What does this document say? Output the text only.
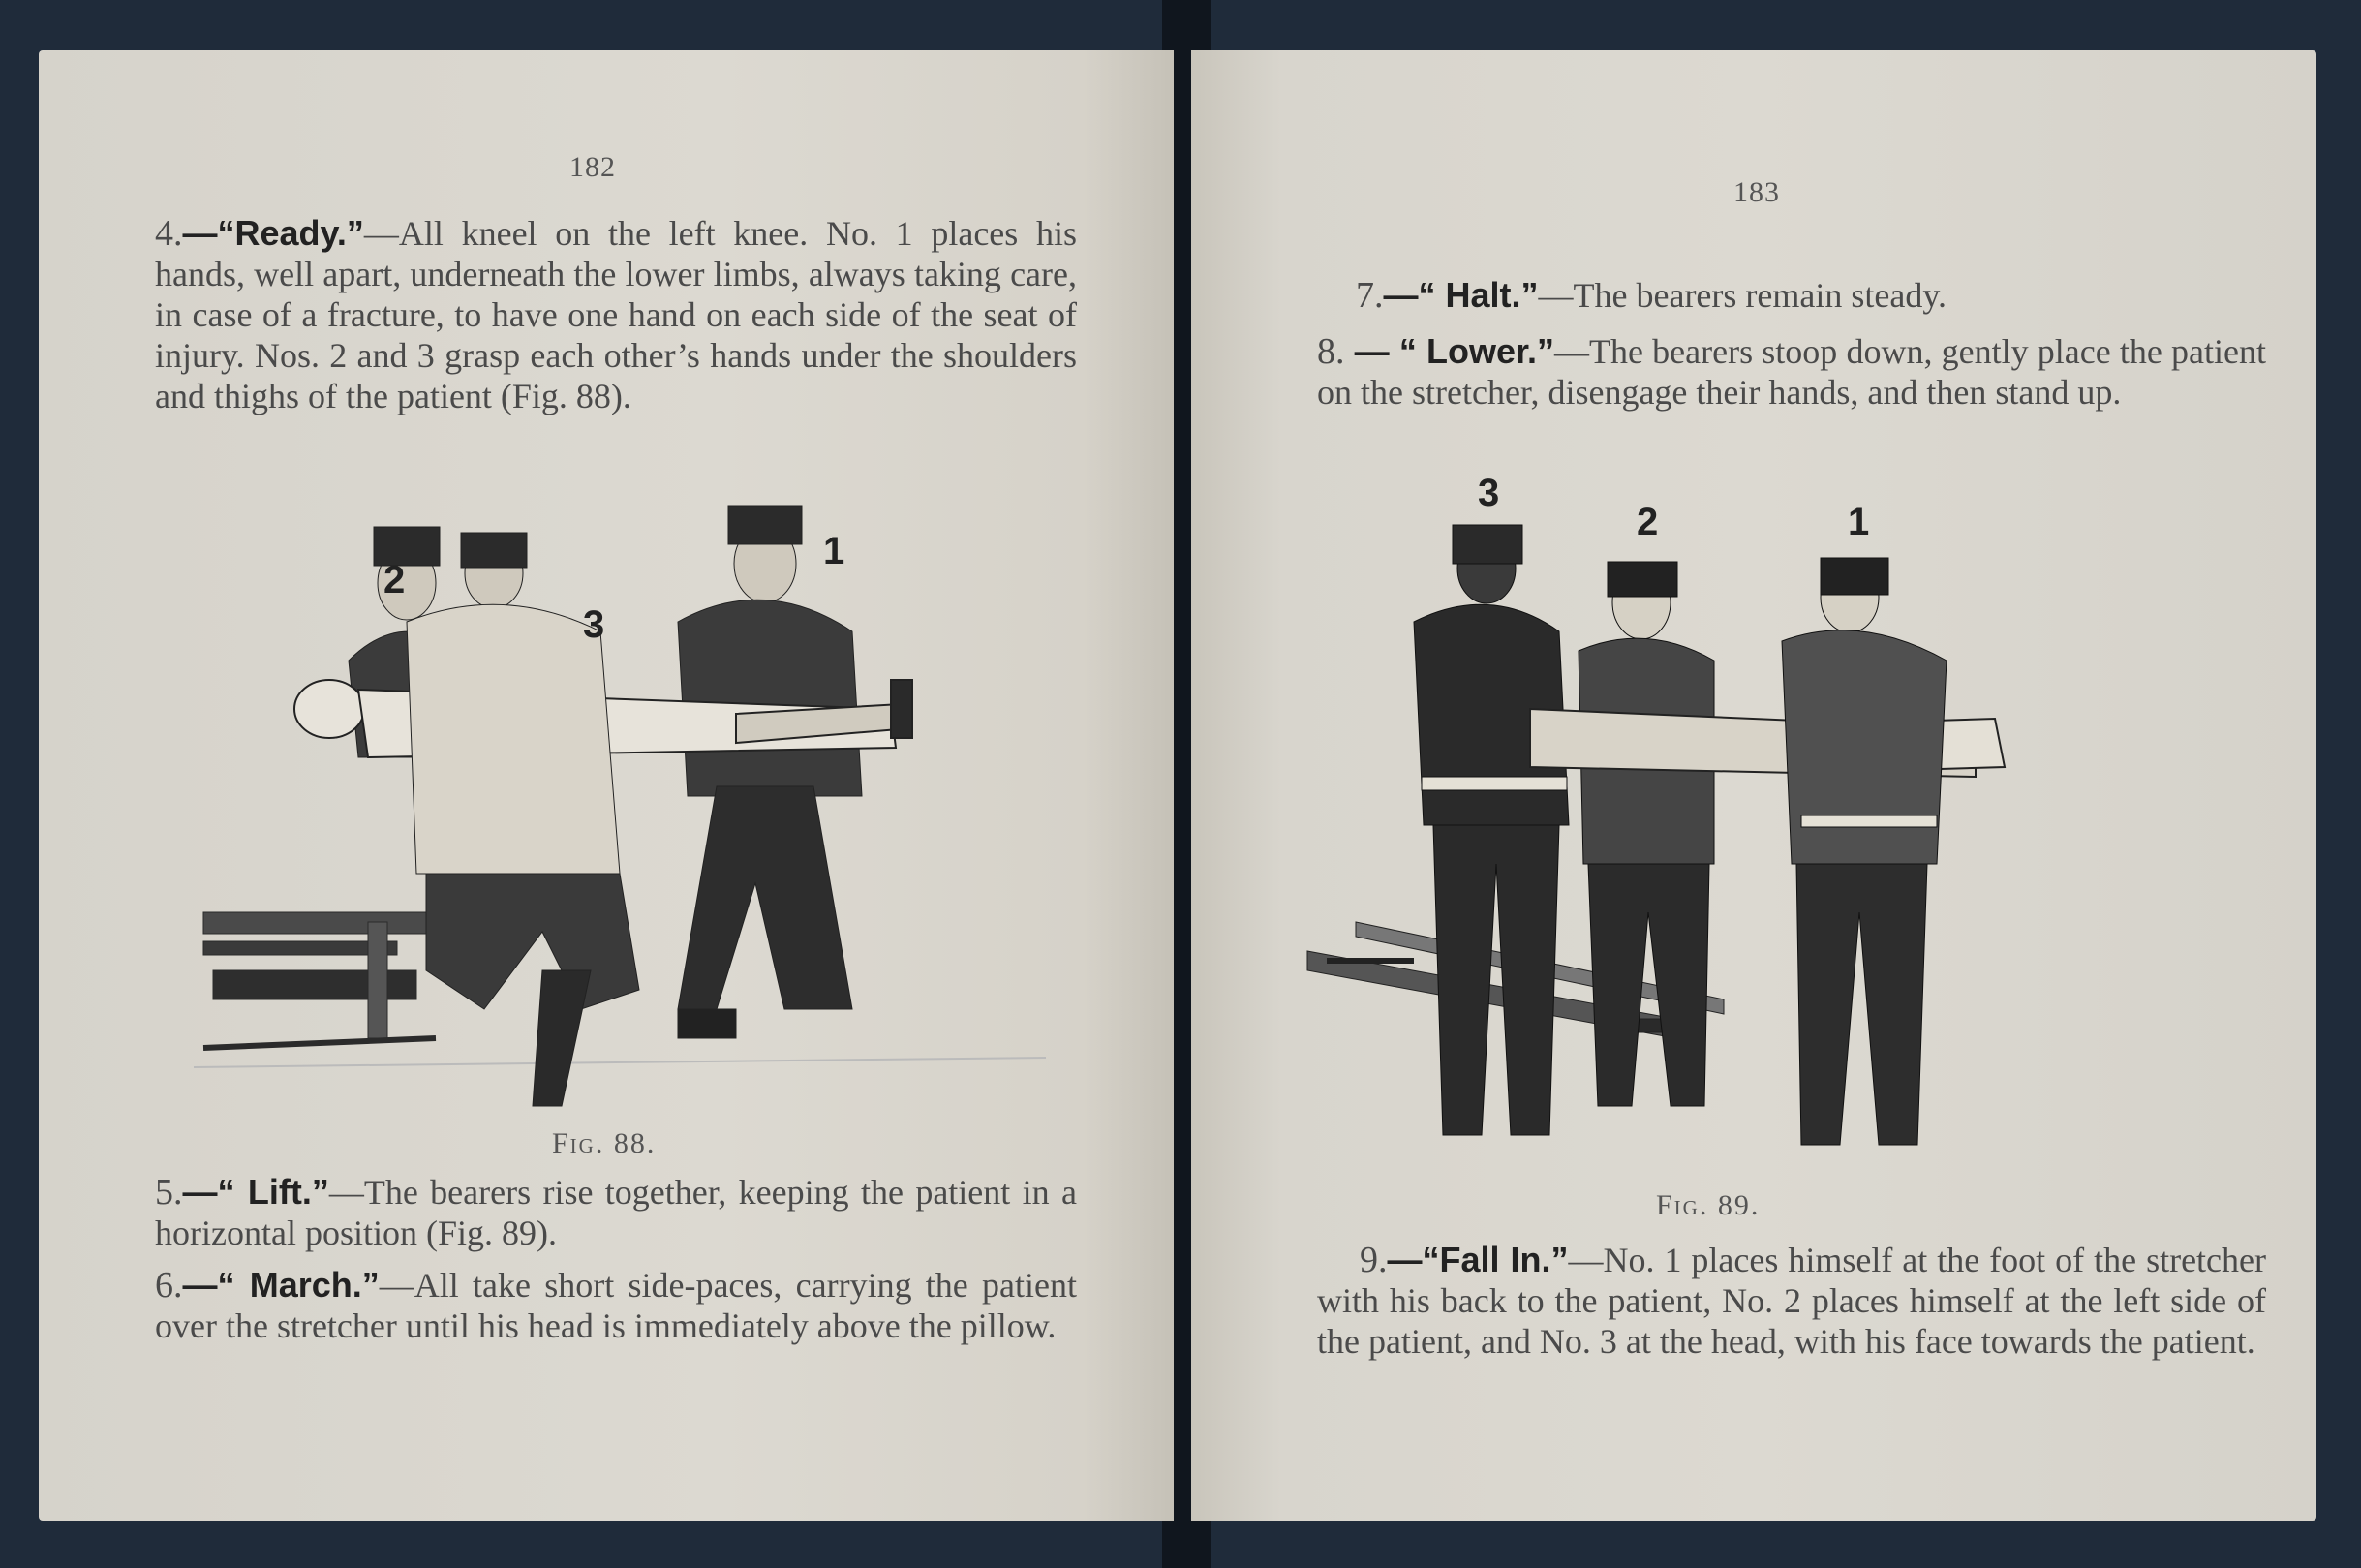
182

4.—“Ready.”—All kneel on the left knee. No. 1 places his hands, well apart, underneath the lower limbs, always taking care, in case of a fracture, to have one hand on each side of the seat of injury. Nos. 2 and 3 grasp each other’s hands under the shoulders and thighs of the patient (Fig. 88).

2
3
1
Fig. 88.

5.—“ Lift.”—The bearers rise together, keeping the patient in a horizontal position (Fig. 89).

6.—“ March.”—All take short side-paces, carrying the patient over the stretcher until his head is immediately above the pillow.

183

7.—“ Halt.”—The bearers remain steady.

8. — “ Lower.”—The bearers stoop down, gently place the patient on the stretcher, disengage their hands, and then stand up.

3
2	1
Fig. 89.

9.—“Fall In.”—No. 1 places himself at the foot of the stretcher with his back to the patient, No. 2 places himself at the left side of the patient, and No. 3 at the head, with his face towards the patient.
